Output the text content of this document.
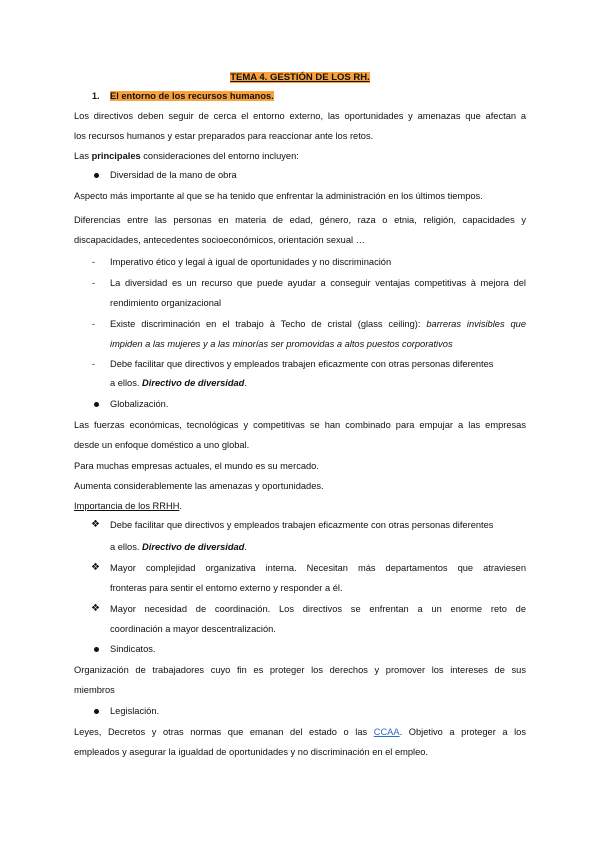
TEMA 4. GESTIÓN DE LOS RH.
1. El entorno de los recursos humanos.
Los directivos deben seguir de cerca el entorno externo, las oportunidades y amenazas que afectan a
los recursos humanos y estar preparados para reaccionar ante los retos.
Las principales consideraciones del entorno incluyen:
Diversidad de la mano de obra
Aspecto más importante al que se ha tenido que enfrentar la administración en los últimos tiempos.
Diferencias entre las personas en materia de edad, género, raza o etnia, religión, capacidades y
discapacidades, antecedentes socioeconómicos, orientación sexual …
- Imperativo ético y legal à igual de oportunidades y no discriminación
- La diversidad es un recurso que puede ayudar a conseguir ventajas competitivas à mejora del
rendimiento organizacional
- Existe discriminación en el trabajo à Techo de cristal (glass ceiling): barreras invisibles que
impiden a las mujeres y a las minorías ser promovidas a altos puestos corporativos
- Debe facilitar que directivos y empleados trabajen eficazmente con otras personas diferentes
a ellos. Directivo de diversidad.
Globalización.
Las fuerzas económicas, tecnológicas y competitivas se han combinado para empujar a las empresas
desde un enfoque doméstico a uno global.
Para muchas empresas actuales, el mundo es su mercado.
Aumenta considerablemente las amenazas y oportunidades.
Importancia de los RRHH.
❖ Debe facilitar que directivos y empleados trabajen eficazmente con otras personas diferentes
a ellos. Directivo de diversidad.
❖ Mayor complejidad organizativa interna. Necesitan más departamentos que atraviesen
fronteras para sentir el entorno externo y responder a él.
❖ Mayor necesidad de coordinación. Los directivos se enfrentan a un enorme reto de
coordinación a mayor descentralización.
Sindicatos.
Organización de trabajadores cuyo fin es proteger los derechos y promover los intereses de sus
miembros
Legislación.
Leyes, Decretos y otras normas que emanan del estado o las CCAA. Objetivo a proteger a los
empleados y asegurar la igualdad de oportunidades y no discriminación en el empleo.
